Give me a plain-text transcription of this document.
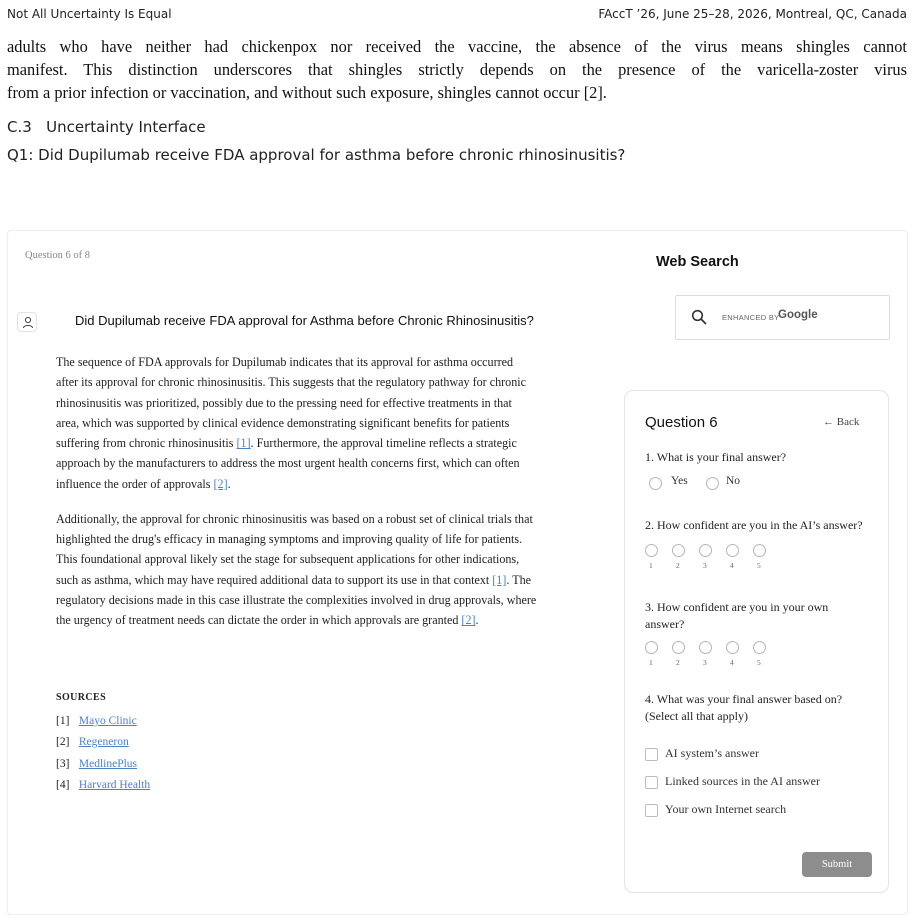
Not All Uncertainty Is Equal	FAccT ’26, June 25–28, 2026, Montreal, QC, Canada
adults who have neither had chickenpox nor received the vaccine, the absence of the virus means shingles cannot
manifest. This distinction underscores that shingles strictly depends on the presence of the varicella-zoster virus
from a prior infection or vaccination, and without such exposure, shingles cannot occur [2].
C.3   Uncertainty Interface
Q1: Did Dupilumab receive FDA approval for asthma before chronic rhinosinusitis?
Question 6 of 8
Did Dupilumab receive FDA approval for Asthma before Chronic Rhinosinusitis?
The sequence of FDA approvals for Dupilumab indicates that its approval for asthma occurred
after its approval for chronic rhinosinusitis. This suggests that the regulatory pathway for chronic
rhinosinusitis was prioritized, possibly due to the pressing need for effective treatments in that
area, which was supported by clinical evidence demonstrating significant benefits for patients
suffering from chronic rhinosinusitis [1]. Furthermore, the approval timeline reflects a strategic
approach by the manufacturers to address the most urgent health concerns first, which can often
influence the order of approvals [2].
Additionally, the approval for chronic rhinosinusitis was based on a robust set of clinical trials that
highlighted the drug's efficacy in managing symptoms and improving quality of life for patients.
This foundational approval likely set the stage for subsequent applications for other indications,
such as asthma, which may have required additional data to support its use in that context [1]. The
regulatory decisions made in this case illustrate the complexities involved in drug approvals, where
the urgency of treatment needs can dictate the order in which approvals are granted [2].
SOURCES
[1] Mayo Clinic
[2] Regeneron
[3] MedlinePlus
[4] Harvard Health
Web Search
ENHANCED BY
Google
Question 6	← Back
1. What is your final answer?
Yes	No
2. How confident are you in the AI’s answer?
1	2	3	4	5
3. How confident are you in your own answer?
1	2	3	4	5
4. What was your final answer based on?
(Select all that apply)
AI system’s answer
Linked sources in the AI answer
Your own Internet search
Submit
